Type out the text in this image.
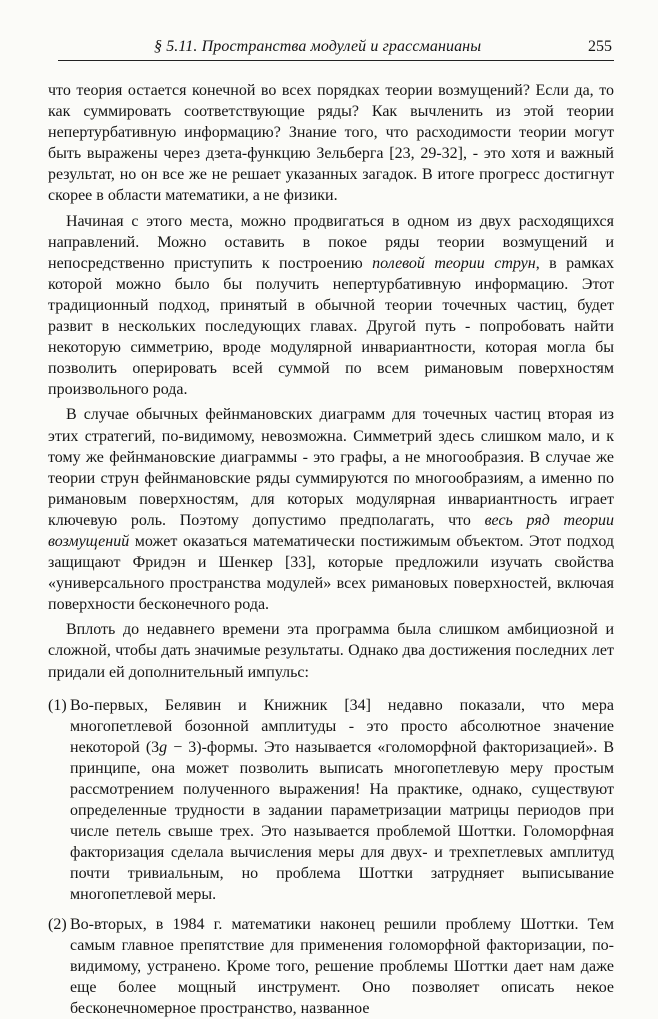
§ 5.11. Пространства модулей и грассманианы	255

что теория остается конечной во всех порядках теории возмущений? Если да, то как суммировать соответствующие ряды? Как вычленить из этой теории непертурбативную информацию? Знание того, что расходимости теории могут быть выражены через дзета-функцию Зельберга [23, 29-32], - это хотя и важный результат, но он все же не решает указанных загадок. В итоге прогресс достигнут скорее в области математики, а не физики.

Начиная с этого места, можно продвигаться в одном из двух расходящихся направлений. Можно оставить в покое ряды теории возмущений и непосредственно приступить к построению полевой теории струн, в рамках которой можно было бы получить непертурбативную информацию. Этот традиционный подход, принятый в обычной теории точечных частиц, будет развит в нескольких последующих главах. Другой путь - попробовать найти некоторую симметрию, вроде модулярной инвариантности, которая могла бы позволить оперировать всей суммой по всем римановым поверхностям произвольного рода.

В случае обычных фейнмановских диаграмм для точечных частиц вторая из этих стратегий, по-видимому, невозможна. Симметрий здесь слишком мало, и к тому же фейнмановские диаграммы - это графы, а не многообразия. В случае же теории струн фейнмановские ряды суммируются по многообразиям, а именно по римановым поверхностям, для которых модулярная инвариантность играет ключевую роль. Поэтому допустимо предполагать, что весь ряд теории возмущений может оказаться математически постижимым объектом. Этот подход защищают Фридэн и Шенкер [33], которые предложили изучать свойства «универсального пространства модулей» всех римановых поверхностей, включая поверхности бесконечного рода.

Вплоть до недавнего времени эта программа была слишком амбициозной и сложной, чтобы дать значимые результаты. Однако два достижения последних лет придали ей дополнительный импульс:

(1) Во-первых, Белявин и Книжник [34] недавно показали, что мера многопетлевой бозонной амплитуды - это просто абсолютное значение некоторой (3g − 3)-формы. Это называется «голоморфной факторизацией». В принципе, она может позволить выписать многопетлевую меру простым рассмотрением полученного выражения! На практике, однако, существуют определенные трудности в задании параметризации матрицы периодов при числе петель свыше трех. Это называется проблемой Шоттки. Голоморфная факторизация сделала вычисления меры для двух- и трехпетлевых амплитуд почти тривиальным, но проблема Шоттки затрудняет выписывание многопетлевой меры.

(2) Во-вторых, в 1984 г. математики наконец решили проблему Шоттки. Тем самым главное препятствие для применения голоморфной факторизации, по-видимому, устранено. Кроме того, решение проблемы Шоттки дает нам даже еще более мощный инструмент. Оно позволяет описать некое бесконечномерное пространство, названное
